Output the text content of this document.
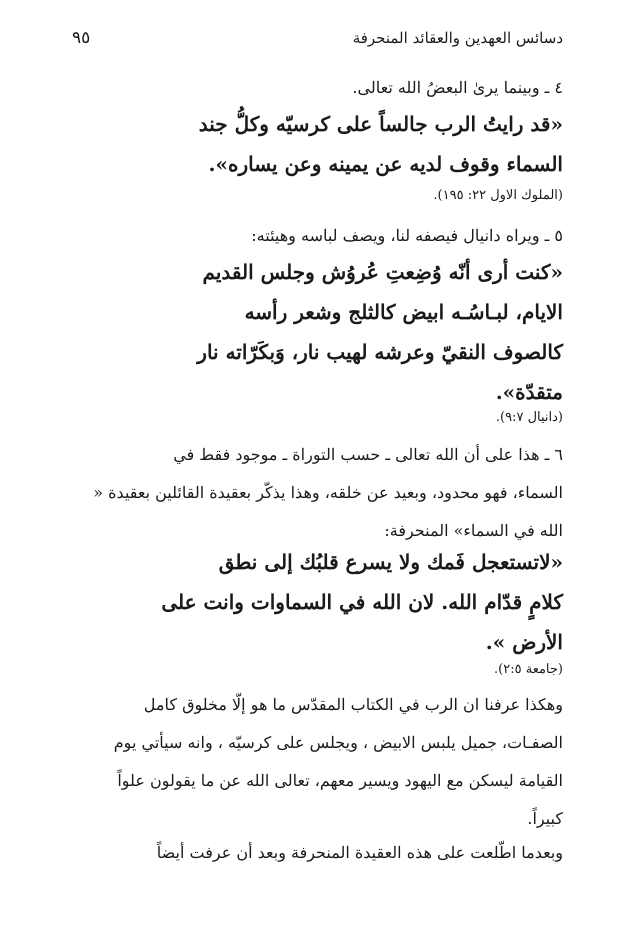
دسائس العهدين والعقائد المنحرفة
٩٥
٤ ـ وبينما يرىٰ البعضُ الله تعالى.
«قد رايتُ الرب جالساً على كرسيّه وكلُّ جند
السماء وقوف لديه عن يمينه وعن يساره».
(الملوك الاول ٢٢: ١٩٥).
٥ ـ ويراه دانيال فيصفه لنا، ويصف لباسه وهيئته:
«كنت أرى أنّه وُضِعتِ عُروُش وجلس القديم
الايام، لبـاسُـه ابيض كالثلج وشعر رأسه
كالصوف النقيّ وعرشه لهيب نار، وَبكَرّاته نار
متقدّة».
(دانيال ٩:٧).
٦ ـ هذا على أن الله تعالى ـ حسب التوراة ـ موجود فقط في
السماء، فهو محدود، وبعيد عن خلقه، وهذا يذكّر بعقيدة القائلين بعقيدة «
الله في السماء» المنحرفة:
«لاتستعجل فَمك ولا يسرع قلبُك إلى نطق
كلامٍ قدّام الله. لان الله في السماوات وانت على
الأرض ».
(جامعة ٢:٥).
وهكذا عرفنا ان الرب في الكتاب المقدّس ما هو إلّا مخلوق كامل
الصفـات، جميل يلبس الابيض ، ويجلس على كرسيّه ، وانه سيأتي يوم
القيامة ليسكن مع اليهود ويسير معهم، تعالى الله عن ما يقولون علواً
كبيراً.
وبعدما اطّلعت على هذه العقيدة المنحرفة وبعد أن عرفت أيضاً
